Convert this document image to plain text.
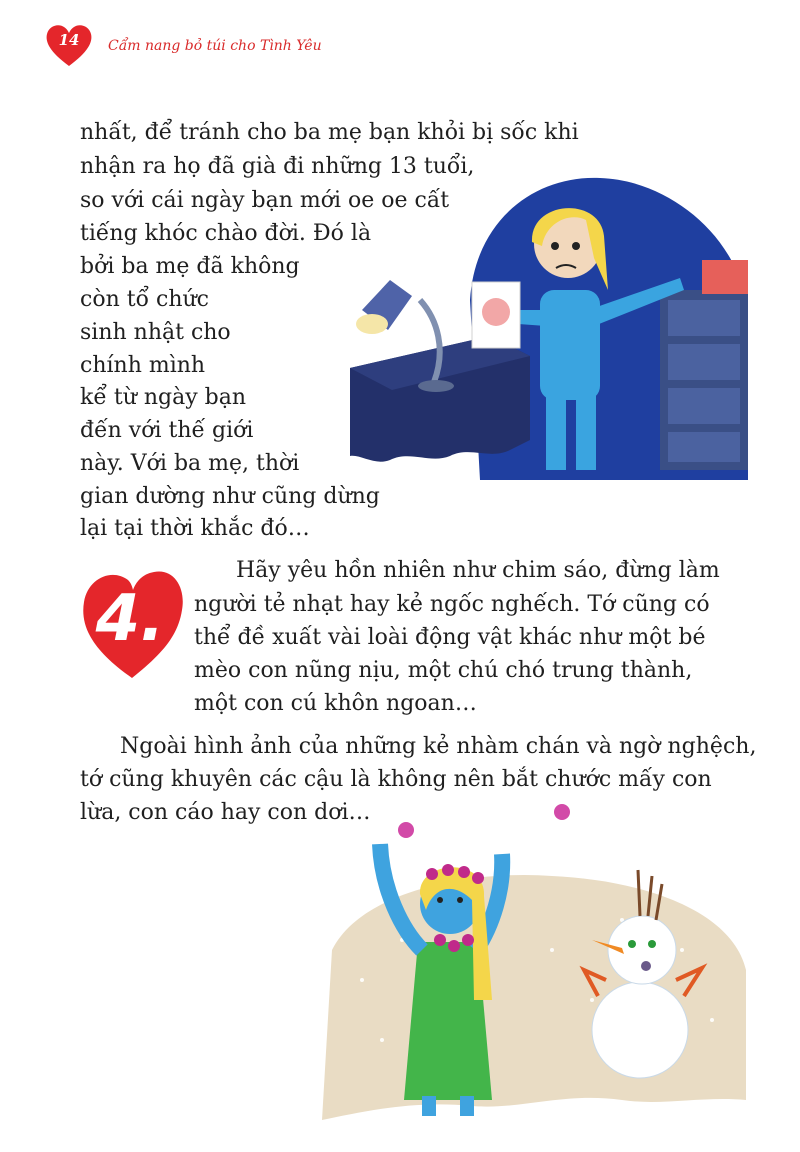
14	Cẩm nang bỏ túi cho Tình Yêu
nhất, để tránh cho ba mẹ bạn khỏi bị sốc khi
nhận ra họ đã già đi những 13 tuổi,
so với cái ngày bạn mới oe oe cất
tiếng khóc chào đời. Đó là
bởi ba mẹ đã không
còn tổ chức
sinh nhật cho
chính mình
kể từ ngày bạn
đến với thế giới
này. Với ba mẹ, thời
gian dường như cũng dừng
lại tại thời khắc đó…
4.
Hãy yêu hồn nhiên như chim sáo, đừng làm
người tẻ nhạt hay kẻ ngốc nghếch. Tớ cũng có
thể đề xuất vài loài động vật khác như một bé
mèo con nũng nịu, một chú chó trung thành,
một con cú khôn ngoan…
Ngoài hình ảnh của những kẻ nhàm chán và ngờ nghệch,
tớ cũng khuyên các cậu là không nên bắt chước mấy con
lừa, con cáo hay con dơi…
